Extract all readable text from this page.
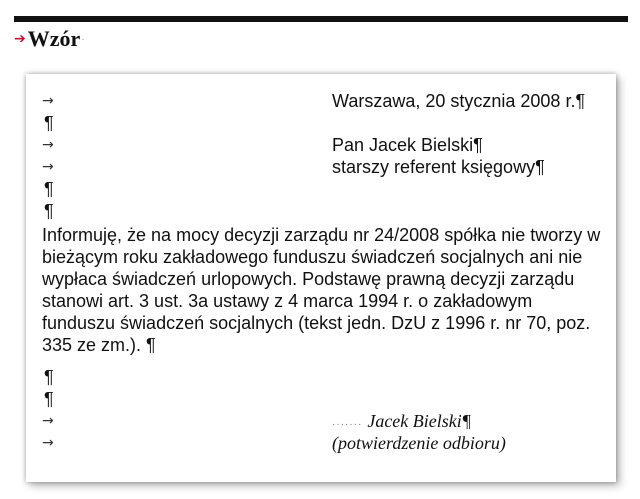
➔ Wzór ·
→	Warszawa, 20 stycznia 2008 r.¶
¶
→	Pan Jacek Bielski¶
→	starszy referent księgowy¶
¶
¶
Informuję, że na mocy decyzji zarządu nr 24/2008 spółka nie tworzy w bieżącym roku zakładowego funduszu świadczeń socjalnych ani nie wypłaca świadczeń urlopowych. Podstawę prawną decyzji zarządu stanowi art. 3 ust. 3a ustawy z 4 marca 1994 r. o zakładowym funduszu świadczeń socjalnych (tekst jedn. DzU z 1996 r. nr 70, poz. 335 ze zm.). ¶
¶
¶
→	······· Jacek Bielski¶
→	(potwierdzenie odbioru)
